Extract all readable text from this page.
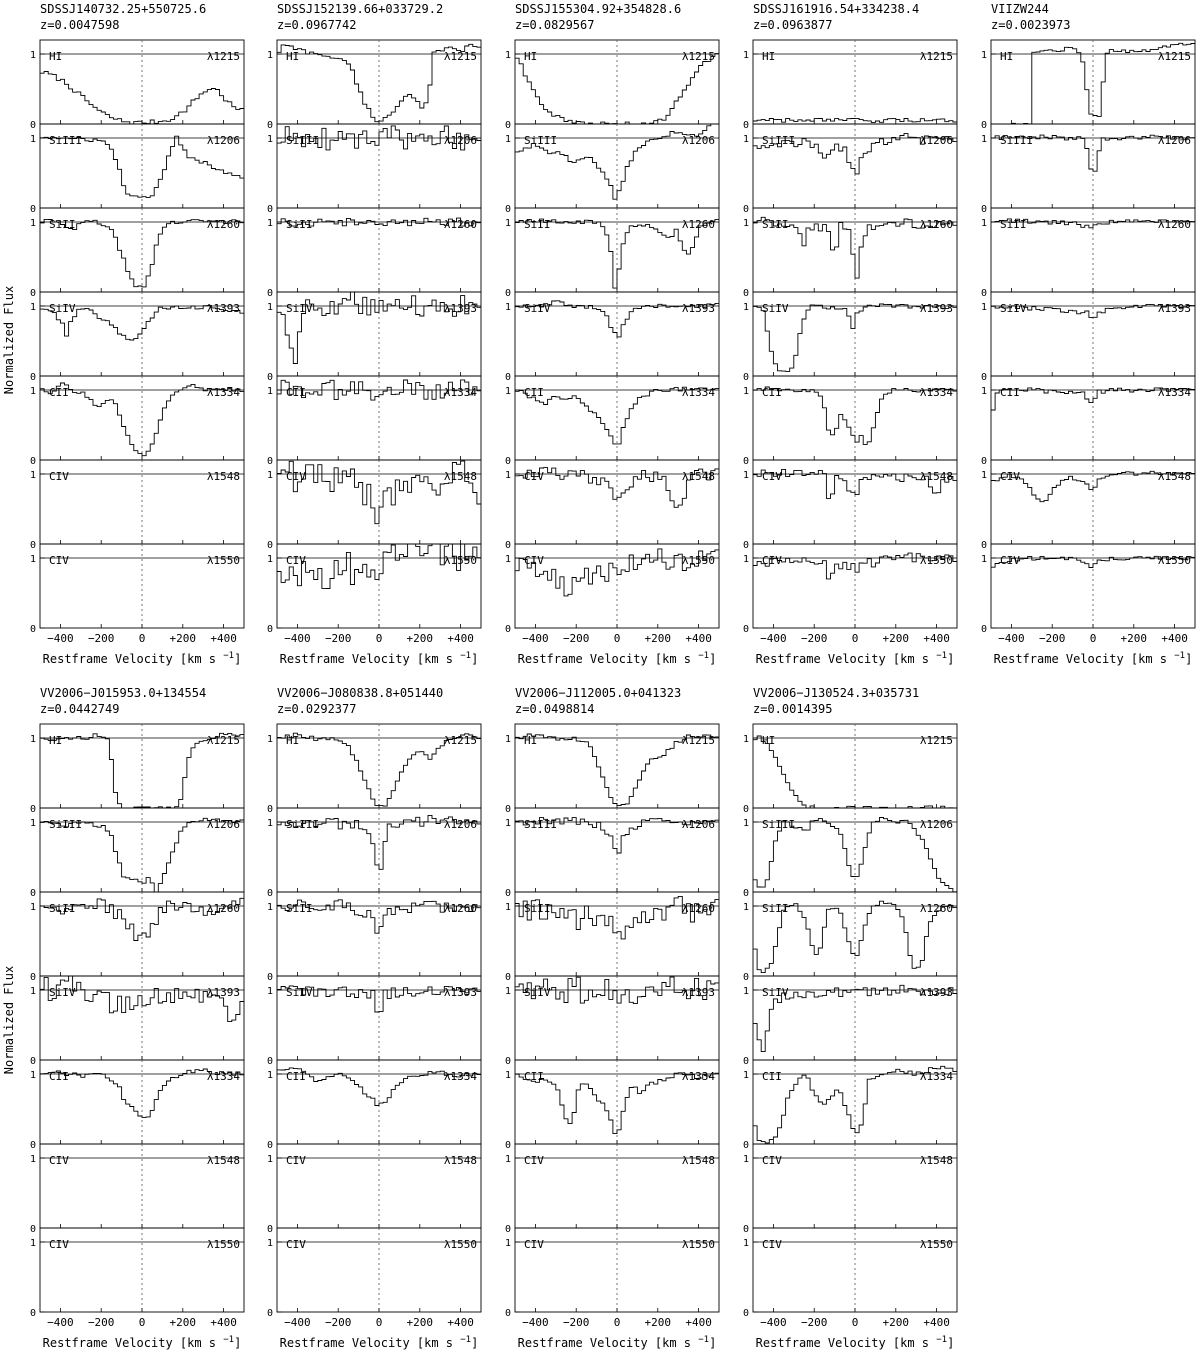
Normalized Flux
Normalized Flux
SDSSJ140732.25+550725.6
z=0.0047598
0
1 HI	λ1215
0
1 SiIII	λ1206
0
1 SiII	λ1260
0
1 SiIV	λ1393
0
1 CII	λ1334
0
1 CIV	λ1548
0
1 CIV	λ1550
−400 −200 0 +200 +400
Restframe Velocity [km s $^{-1}$]
SDSSJ152139.66+033729.2
z=0.0967742
0
1 HI	λ1215
0
1 SiIII	λ1206
0
1 SiII	λ1260
0
1 SiIV	λ1393
0
1 CII	λ1334
0
1 CIV	λ1548
0
1 CIV	λ1550
−400 −200 0 +200 +400
Restframe Velocity [km s $^{-1}$]
SDSSJ155304.92+354828.6
z=0.0829567
0
1 HI	λ1215
0
1 SiIII	λ1206
0
1 SiII	λ1260
0
1 SiIV	λ1393
0
1 CII	λ1334
0
1 CIV	λ1548
0
1 CIV	λ1550
−400 −200 0 +200 +400
Restframe Velocity [km s $^{-1}$]
SDSSJ161916.54+334238.4
z=0.0963877
0
1 HI	λ1215
0
1 SiIII	λ1206
0
1 SiII	λ1260
0
1 SiIV	λ1393
0
1 CII	λ1334
0
1 CIV	λ1548
0
1 CIV	λ1550
−400 −200 0 +200 +400
Restframe Velocity [km s $^{-1}$]
VIIZW244
z=0.0023973
0
1 HI	λ1215
0
1 SiIII	λ1206
0
1 SiII	λ1260
0
1 SiIV	λ1393
0
1 CII	λ1334
0
1 CIV	λ1548
0
1 CIV	λ1550
−400 −200 0 +200 +400
Restframe Velocity [km s $^{-1}$]
VV2006−J015953.0+134554
z=0.0442749
0
1 HI	λ1215
0
1 SiIII	λ1206
0
1 SiII	λ1260
0
1 SiIV	λ1393
0
1 CII	λ1334
0
1 CIV	λ1548
0
1 CIV	λ1550
−400 −200 0 +200 +400
Restframe Velocity [km s $^{-1}$]
VV2006−J080838.8+051440
z=0.0292377
0
1 HI	λ1215
0
1 SiIII	λ1206
0
1 SiII	λ1260
0
1 SiIV	λ1393
0
1 CII	λ1334
0
1 CIV	λ1548
0
1 CIV	λ1550
−400 −200 0 +200 +400
Restframe Velocity [km s $^{-1}$]
VV2006−J112005.0+041323
z=0.0498814
0
1 HI	λ1215
0
1 SiIII	λ1206
0
1 SiII	λ1260
0
1 SiIV	λ1393
0
1 CII	λ1334
0
1 CIV	λ1548
0
1 CIV	λ1550
−400 −200 0 +200 +400
Restframe Velocity [km s $^{-1}$]
VV2006−J130524.3+035731
z=0.0014395
0
1 HI	λ1215
0
1 SiIII	λ1206
0
1 SiII	λ1260
0
1 SiIV	λ1393
0
1 CII	λ1334
0
1 CIV	λ1548
0
1 CIV	λ1550
−400 −200 0 +200 +400
Restframe Velocity [km s $^{-1}$]
